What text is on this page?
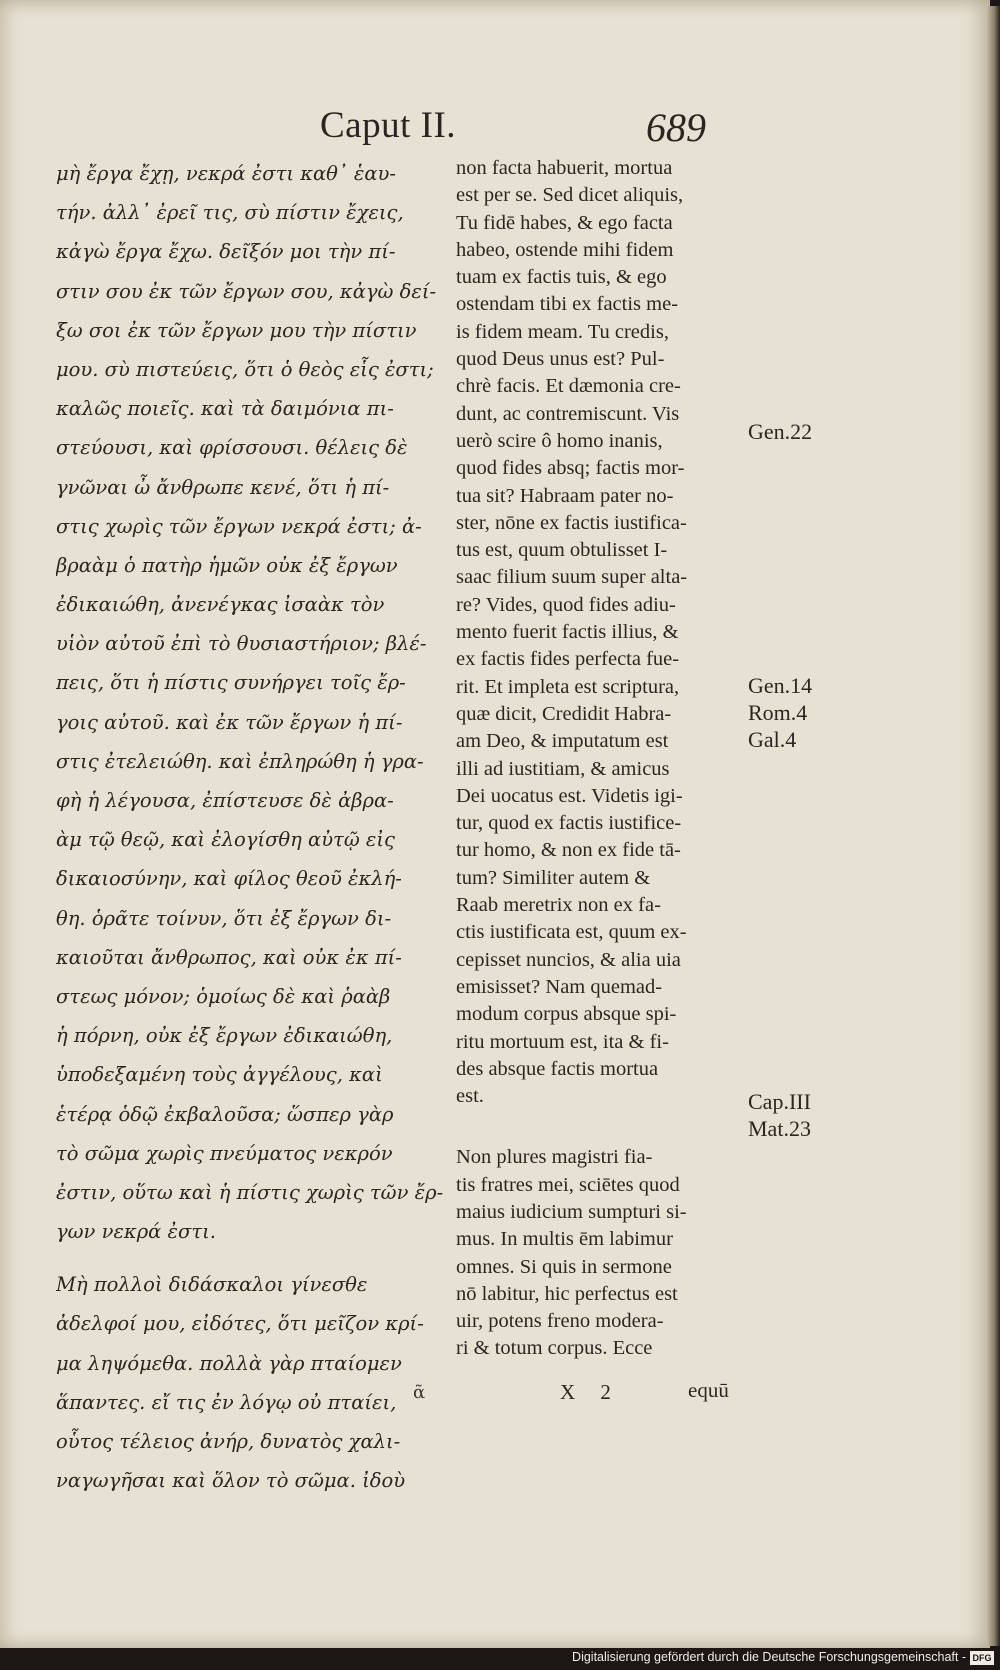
Caput II.	689
μὴ ἔργα ἔχῃ, νεκρά ἐστι καθ᾽ ἑαυ-
τήν. ἀλλ᾽ ἐρεῖ τις, σὺ πίστιν ἔχεις,
κἀγὼ ἔργα ἔχω. δεῖξόν μοι τὴν πί-
στιν σου ἐκ τῶν ἔργων σου, κἀγὼ δεί-
ξω σοι ἐκ τῶν ἔργων μου τὴν πίστιν
μου. σὺ πιστεύεις, ὅτι ὁ θεὸς εἷς ἐστι;
καλῶς ποιεῖς. καὶ τὰ δαιμόνια πι-
στεύουσι, καὶ φρίσσουσι. θέλεις δὲ
γνῶναι ὦ ἄνθρωπε κενέ, ὅτι ἡ πί-
στις χωρὶς τῶν ἔργων νεκρά ἐστι; ἀ-
βραὰμ ὁ πατὴρ ἡμῶν οὐκ ἐξ ἔργων
ἐδικαιώθη, ἀνενέγκας ἰσαὰκ τὸν
υἱὸν αὐτοῦ ἐπὶ τὸ θυσιαστήριον; βλέ-
πεις, ὅτι ἡ πίστις συνήργει τοῖς ἔρ-
γοις αὐτοῦ. καὶ ἐκ τῶν ἔργων ἡ πί-
στις ἐτελειώθη. καὶ ἐπληρώθη ἡ γρα-
φὴ ἡ λέγουσα, ἐπίστευσε δὲ ἀβρα-
ὰμ τῷ θεῷ, καὶ ἐλογίσθη αὐτῷ εἰς
δικαιοσύνην, καὶ φίλος θεοῦ ἐκλή-
θη. ὁρᾶτε τοίνυν, ὅτι ἐξ ἔργων δι-
καιοῦται ἄνθρωπος, καὶ οὐκ ἐκ πί-
στεως μόνον; ὁμοίως δὲ καὶ ῥαὰβ
ἡ πόρνη, οὐκ ἐξ ἔργων ἐδικαιώθη,
ὑποδεξαμένη τοὺς ἀγγέλους, καὶ
ἑτέρᾳ ὁδῷ ἐκβαλοῦσα; ὥσπερ γὰρ
τὸ σῶμα χωρὶς πνεύματος νεκρόν
ἐστιν, οὕτω καὶ ἡ πίστις χωρὶς τῶν ἔρ-
γων νεκρά ἐστι.
Μὴ πολλοὶ διδάσκαλοι γίνεσθε
ἀδελφοί μου, εἰδότες, ὅτι μεῖζον κρί-
μα ληψόμεθα. πολλὰ γὰρ πταίομεν
ἅπαντες. εἴ τις ἐν λόγῳ οὐ πταίει,
οὗτος τέλειος ἀνήρ, δυνατὸς χαλι-
ναγωγῆσαι καὶ ὅλον τὸ σῶμα. ἰδοὺ
non facta habuerit, mortua
est per se. Sed dicet aliquis,
Tu fidē habes, & ego facta
habeo, ostende mihi fidem
tuam ex factis tuis, & ego
ostendam tibi ex factis me-
is fidem meam. Tu credis,
quod Deus unus est? Pul-
chrè facis. Et dæmonia cre-
dunt, ac contremiscunt. Vis
uerò scire ô homo inanis,
quod fides absq; factis mor-
tua sit? Habraam pater no-
ster, nōne ex factis iustifica-
tus est, quum obtulisset I-
saac filium suum super alta-
re? Vides, quod fides adiu-
mento fuerit factis illius, &
ex factis fides perfecta fue-
rit. Et impleta est scriptura,
quæ dicit, Credidit Habra-
am Deo, & imputatum est
illi ad iustitiam, & amicus
Dei uocatus est. Videtis igi-
tur, quod ex factis iustifice-
tur homo, & non ex fide tā-
tum? Similiter autem &
Raab meretrix non ex fa-
ctis iustificata est, quum ex-
cepisset nuncios, & alia uia
emisisset? Nam quemad-
modum corpus absque spi-
ritu mortuum est, ita & fi-
des absque factis mortua
est.
Non plures magistri fia-
tis fratres mei, sciētes quod
maius iudicium sumpturi si-
mus. In multis ēm labimur
omnes. Si quis in sermone
nō labitur, hic perfectus est
uir, potens freno modera-
ri & totum corpus. Ecce
Gen.22
Gen.14
Rom.4
Gal.4
Cap.III
Mat.23
ᾶ	X 2	equū
Digitalisierung gefördert durch die Deutsche Forschungsgemeinschaft - DFG
